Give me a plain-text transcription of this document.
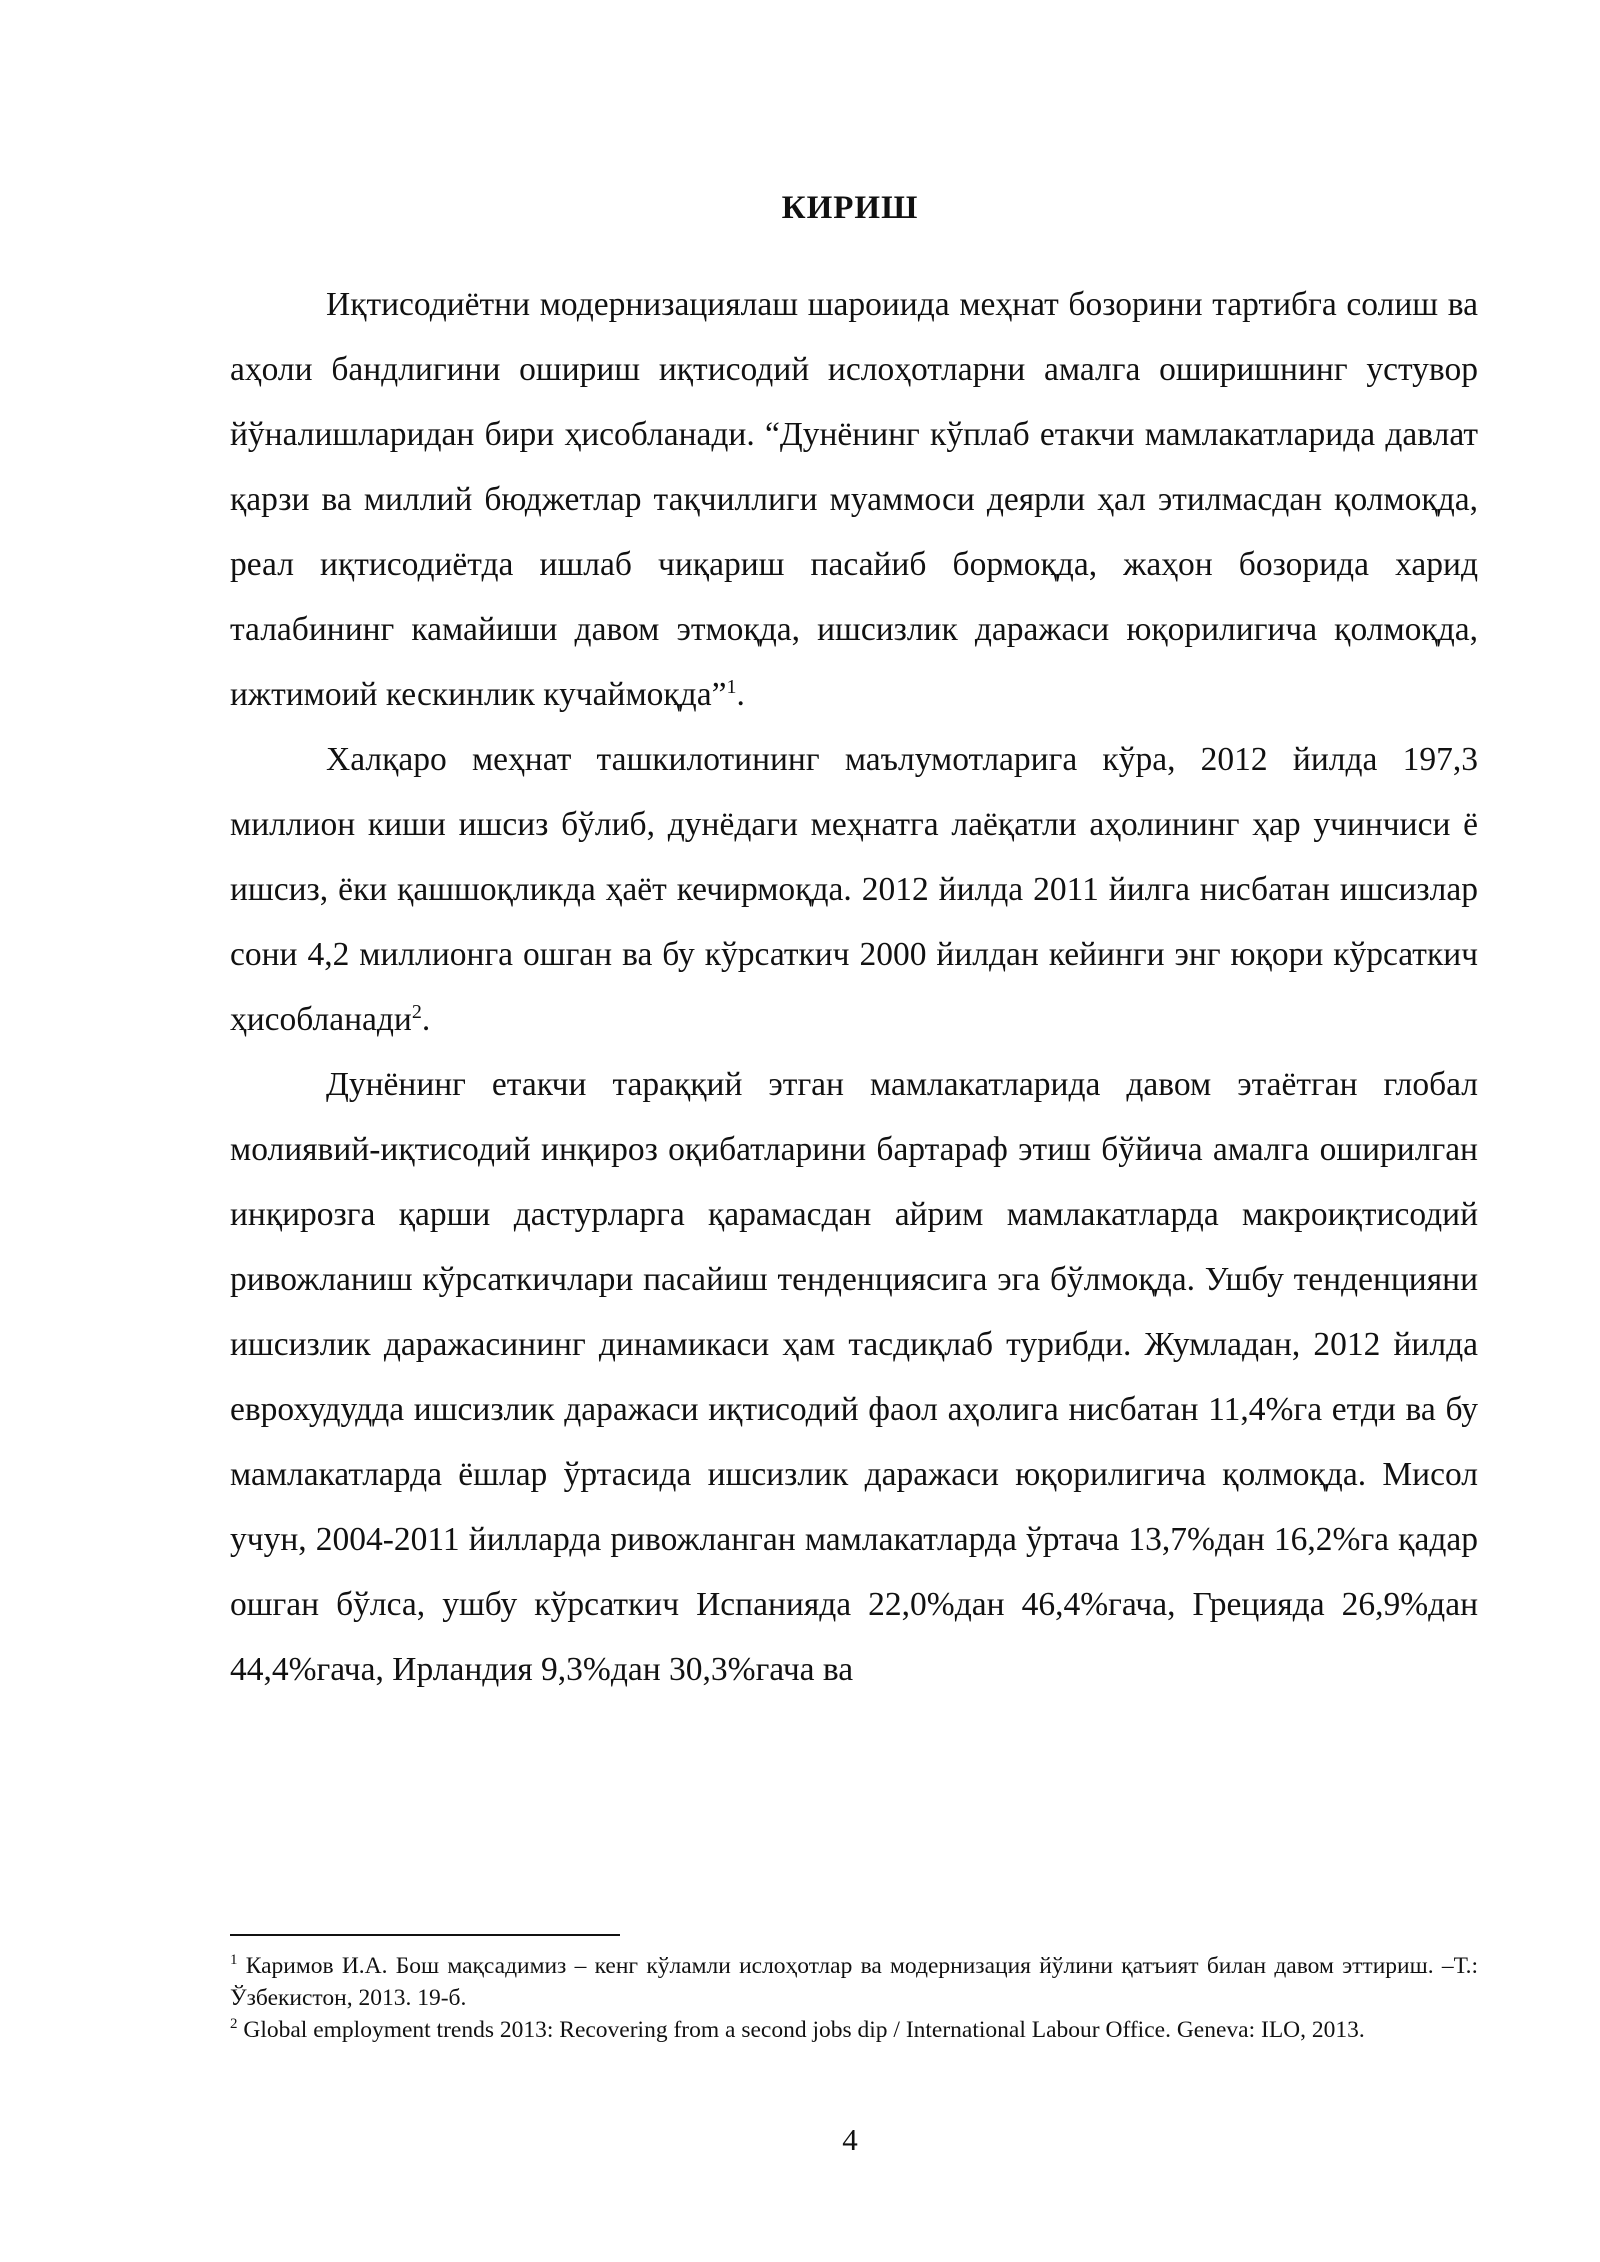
КИРИШ

Иқтисодиётни модернизациялаш шароиида меҳнат бозорини тартибга солиш ва аҳоли бандлигини ошириш иқтисодий ислоҳотларни амалга оширишнинг устувор йўналишларидан бири ҳисобланади. “Дунёнинг кўплаб етакчи мамлакатларида давлат қарзи ва миллий бюджетлар тақчиллиги муаммоси деярли ҳал этилмасдан қолмоқда, реал иқтисодиётда ишлаб чиқариш пасайиб бормоқда, жаҳон бозорида харид талабининг камайиши давом этмоқда, ишсизлик даражаси юқорилигича қолмоқда, ижтимоий кескинлик кучаймоқда”$^1$.

Халқаро меҳнат ташкилотининг маълумотларига кўра, 2012 йилда 197,3 миллион киши ишсиз бўлиб, дунёдаги меҳнатга лаёқатли аҳолининг ҳар учинчиси ё ишсиз, ёки қашшоқликда ҳаёт кечирмоқда. 2012 йилда 2011 йилга нисбатан ишсизлар сони 4,2 миллионга ошган ва бу кўрсаткич 2000 йилдан кейинги энг юқори кўрсаткич ҳисобланади$^2$.

Дунёнинг етакчи тараққий этган мамлакатларида давом этаётган глобал молиявий-иқтисодий инқироз оқибатларини бартараф этиш бўйича амалга оширилган инқирозга қарши дастурларга қарамасдан айрим мамлакатларда макроиқтисодий ривожланиш кўрсаткичлари пасайиш тенденциясига эга бўлмоқда. Ушбу тенденцияни ишсизлик даражасининг динамикаси ҳам тасдиқлаб турибди. Жумладан, 2012 йилда еврохудудда ишсизлик даражаси иқтисодий фаол аҳолига нисбатан 11,4%га етди ва бу мамлакатларда ёшлар ўртасида ишсизлик даражаси юқорилигича қолмоқда. Мисол учун, 2004-2011 йилларда ривожланган мамлакатларда ўртача 13,7%дан 16,2%га қадар ошган бўлса, ушбу кўрсаткич Испанияда 22,0%дан 46,4%гача, Грецияда 26,9%дан 44,4%гача, Ирландия 9,3%дан 30,3%гача ва

$^1$ Каримов И.А. Бош мақсадимиз – кенг кўламли ислоҳотлар ва модернизация йўлини қатъият билан давом эттириш. –Т.: Ўзбекистон, 2013. 19-б.

$^2$ Global employment trends 2013: Recovering from a second jobs dip / International Labour Office. Geneva: ILO, 2013.

4
